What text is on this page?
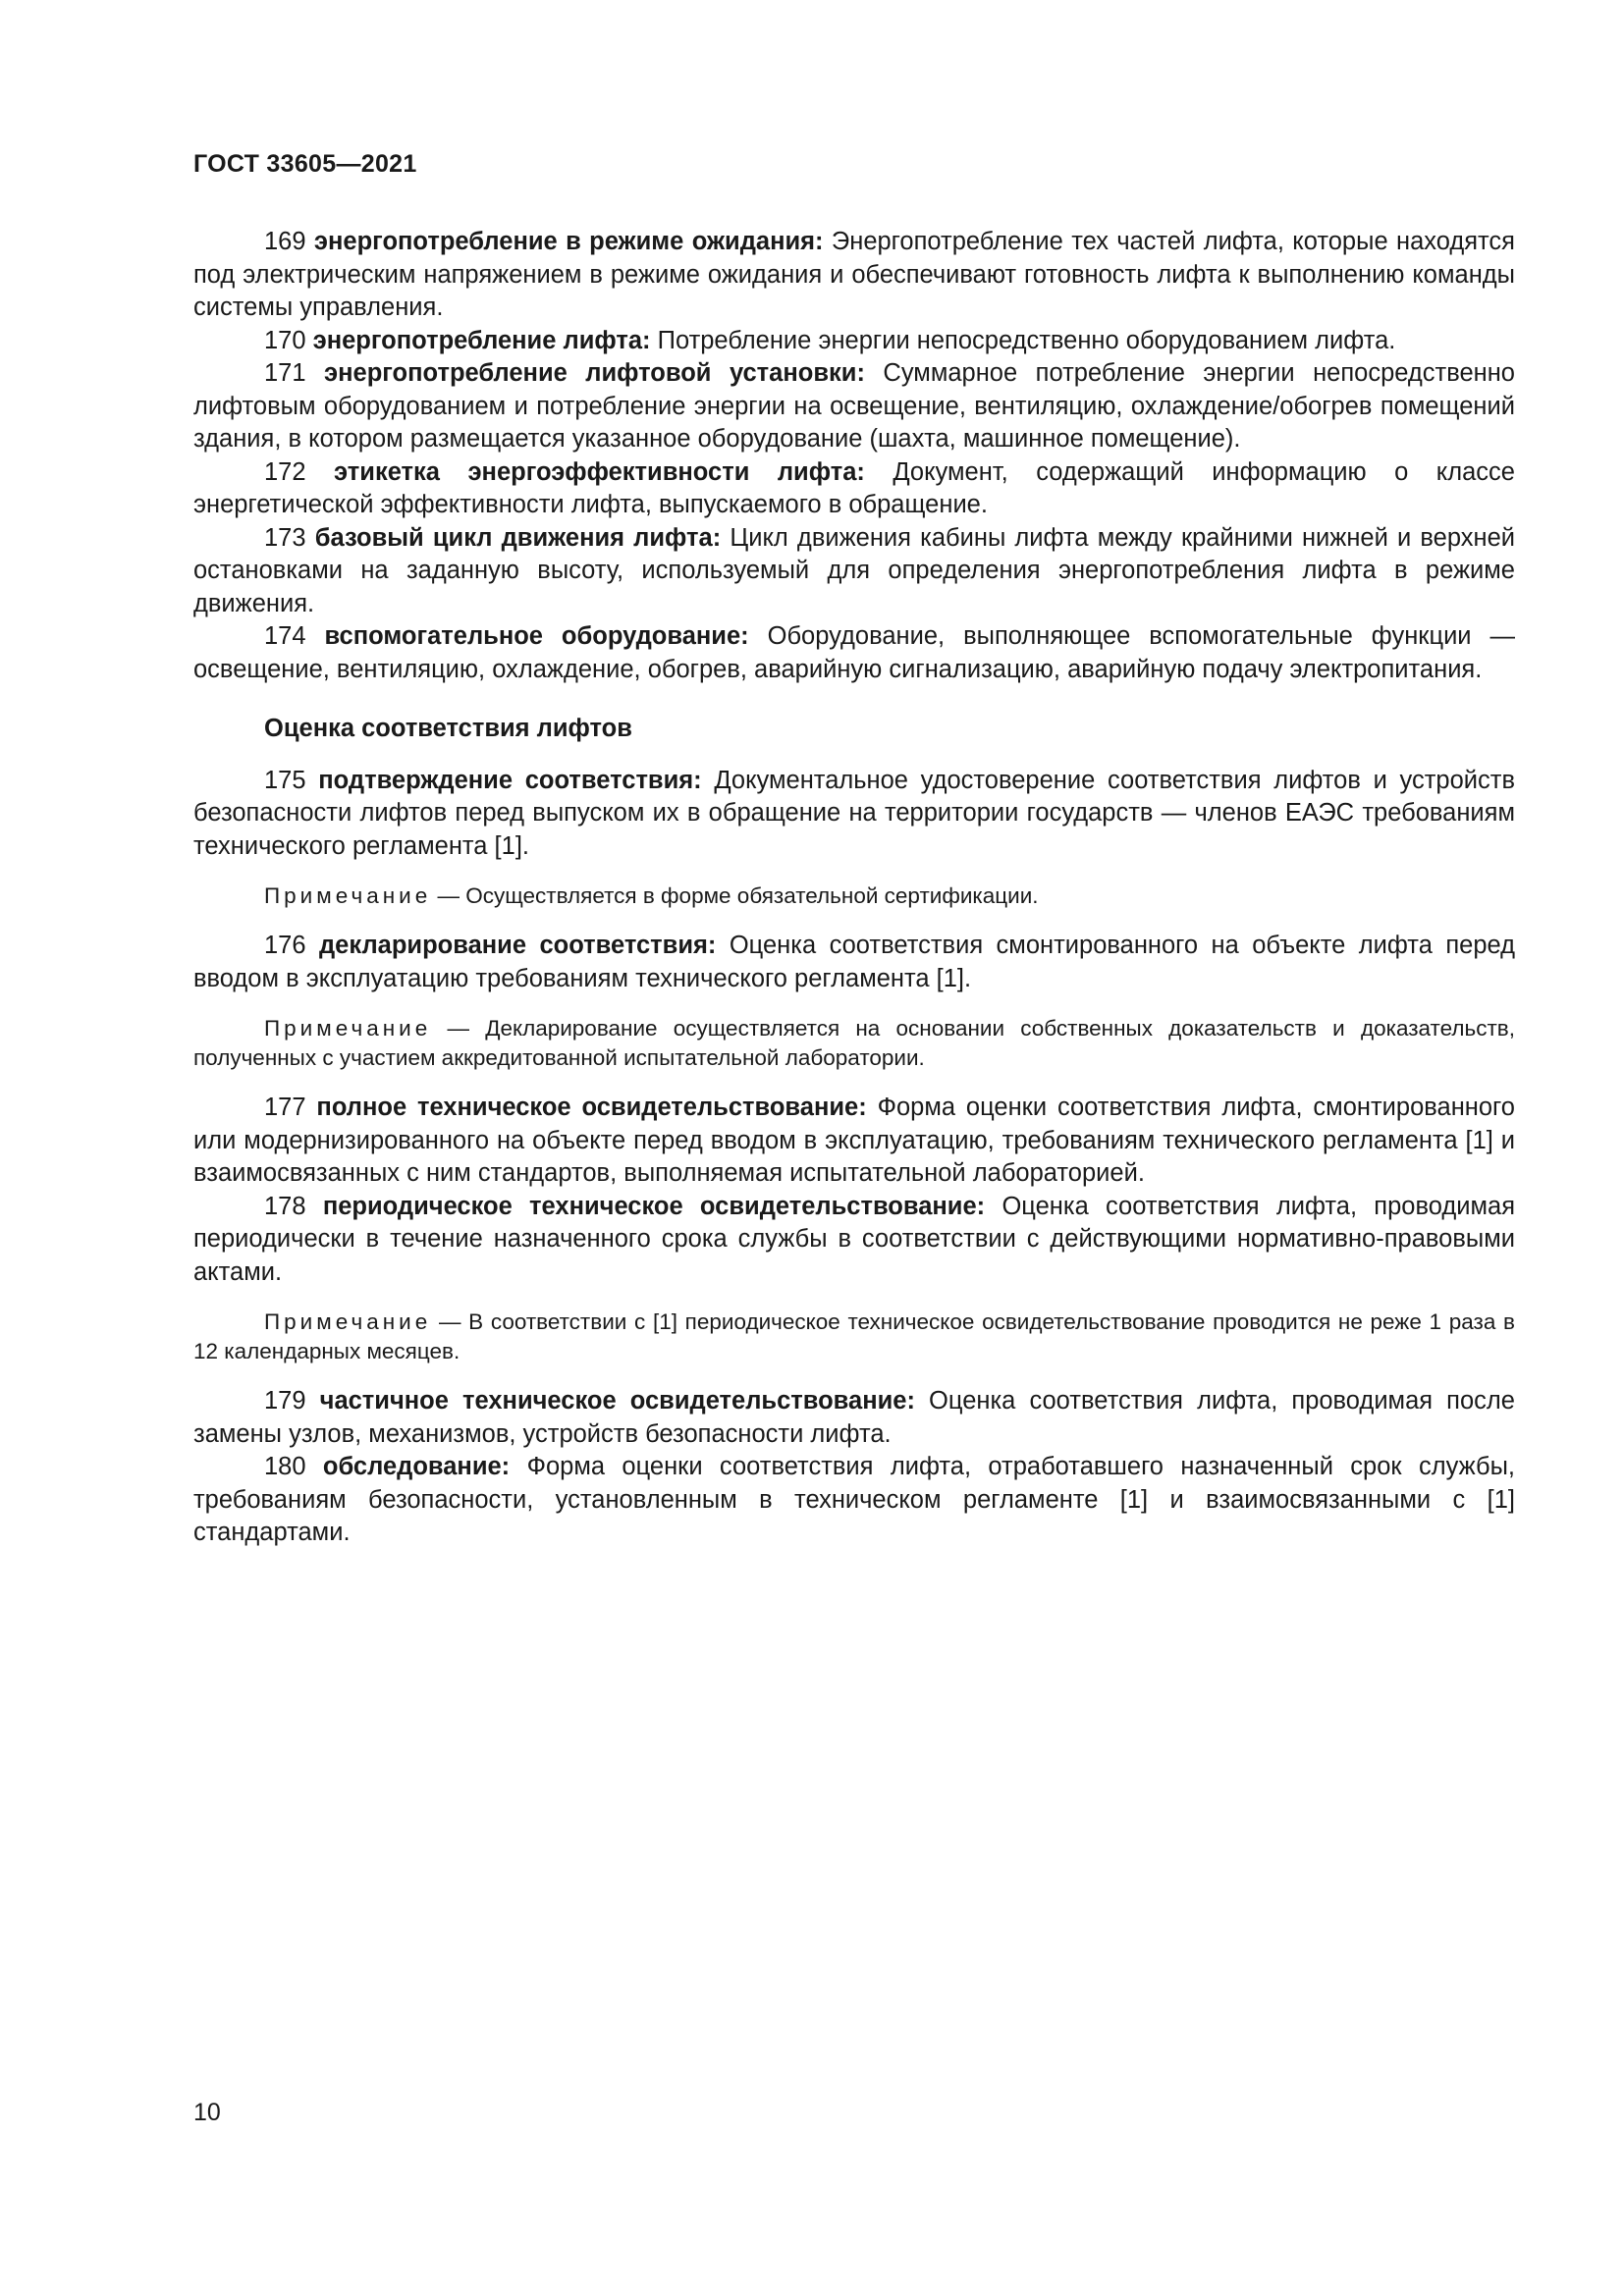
ГОСТ 33605—2021

169 энергопотребление в режиме ожидания: Энергопотребление тех частей лифта, которые находятся под электрическим напряжением в режиме ожидания и обеспечивают готовность лифта к выполнению команды системы управления.

170 энергопотребление лифта: Потребление энергии непосредственно оборудованием лифта.

171 энергопотребление лифтовой установки: Суммарное потребление энергии непосредственно лифтовым оборудованием и потребление энергии на освещение, вентиляцию, охлаждение/обогрев помещений здания, в котором размещается указанное оборудование (шахта, машинное помещение).

172 этикетка энергоэффективности лифта: Документ, содержащий информацию о классе энергетической эффективности лифта, выпускаемого в обращение.

173 базовый цикл движения лифта: Цикл движения кабины лифта между крайними нижней и верхней остановками на заданную высоту, используемый для определения энергопотребления лифта в режиме движения.

174 вспомогательное оборудование: Оборудование, выполняющее вспомогательные функции — освещение, вентиляцию, охлаждение, обогрев, аварийную сигнализацию, аварийную подачу электропитания.

Оценка соответствия лифтов

175 подтверждение соответствия: Документальное удостоверение соответствия лифтов и устройств безопасности лифтов перед выпуском их в обращение на территории государств — членов ЕАЭС требованиям технического регламента [1].

Примечание — Осуществляется в форме обязательной сертификации.

176 декларирование соответствия: Оценка соответствия смонтированного на объекте лифта перед вводом в эксплуатацию требованиям технического регламента [1].

Примечание — Декларирование осуществляется на основании собственных доказательств и доказательств, полученных с участием аккредитованной испытательной лаборатории.

177 полное техническое освидетельствование: Форма оценки соответствия лифта, смонтированного или модернизированного на объекте перед вводом в эксплуатацию, требованиям технического регламента [1] и взаимосвязанных с ним стандартов, выполняемая испытательной лабораторией.

178 периодическое техническое освидетельствование: Оценка соответствия лифта, проводимая периодически в течение назначенного срока службы в соответствии с действующими нормативно-правовыми актами.

Примечание — В соответствии с [1] периодическое техническое освидетельствование проводится не реже 1 раза в 12 календарных месяцев.

179 частичное техническое освидетельствование: Оценка соответствия лифта, проводимая после замены узлов, механизмов, устройств безопасности лифта.

180 обследование: Форма оценки соответствия лифта, отработавшего назначенный срок службы, требованиям безопасности, установленным в техническом регламенте [1] и взаимосвязанными с [1] стандартами.

10
